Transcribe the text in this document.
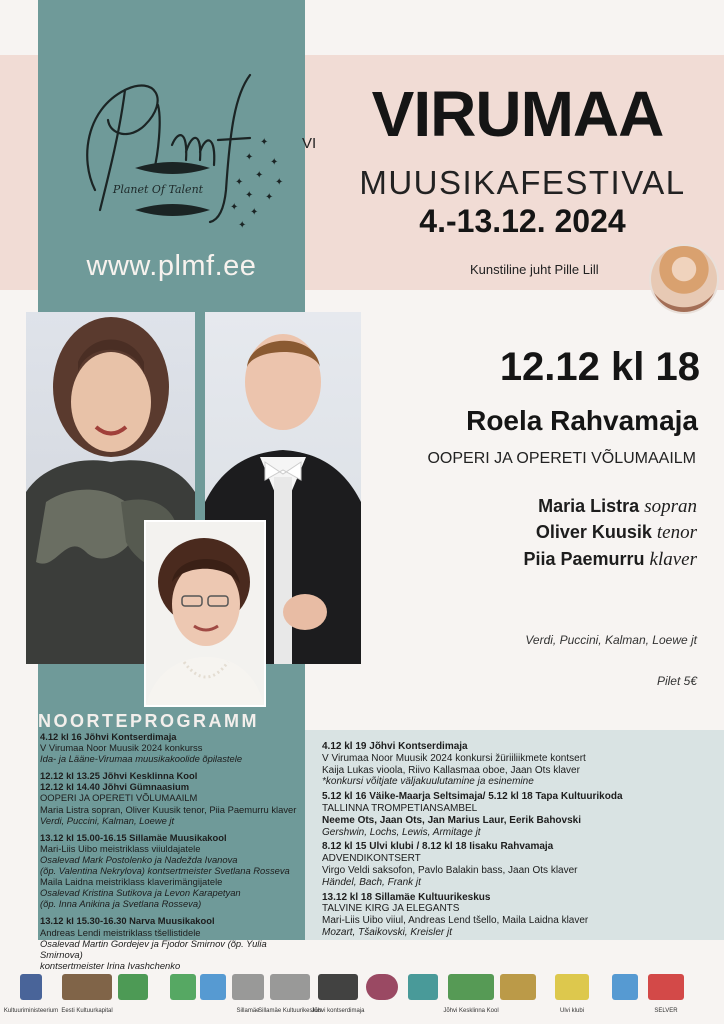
✦
✦ ✦
✦
✦	✦
✦ ✦
✦ ✦
✦
Planet Of Talent
www.plmf.ee
VI VIRUMAA
MUUSIKAFESTIVAL
4.-13.12. 2024
Kunstiline juht Pille Lill
12.12 kl 18
Roela Rahvamaja
OOPERI JA OPERETI VÕLUMAAILM
Maria Listra sopran
Oliver Kuusik tenor
Piia Paemurru klaver
Verdi, Puccini, Kalman, Loewe jt
Pilet 5€
NOORTEPROGRAMM
4.12 kl 16 Jõhvi Kontserdimaja
V Virumaa Noor Muusik 2024 konkurss
Ida- ja Lääne-Virumaa muusikakoolide õpilastele
12.12 kl 13.25 Jõhvi Kesklinna Kool
12.12 kl 14.40 Jõhvi Gümnaasium
OOPERI JA OPERETI VÕLUMAAILM
Maria Listra sopran, Oliver Kuusik tenor, Piia Paemurru klaver
Verdi, Puccini, Kalman, Loewe jt
13.12 kl 15.00-16.15 Sillamäe Muusikakool
Mari-Liis Uibo meistriklass viiuldajatele
Osalevad Mark Postolenko ja Nadežda Ivanova
(õp. Valentina Nekrylova) kontsertmeister Svetlana Rosseva
Maila Laidna meistriklass klaverimängijatele
Osalevad Kristina Sutikova ja Levon Karapetyan
(õp. Inna Anikina ja Svetlana Rosseva)
13.12 kl 15.30-16.30 Narva Muusikakool
Andreas Lendi meistriklass tšellistidele
Osalevad Martin Gordejev ja Fjodor Smirnov (õp. Yulia Smirnova)
kontsertmeister Irina Ivashchenko
4.12 kl 19 Jõhvi Kontserdimaja
V Virumaa Noor Muusik 2024 konkursi žüriiliikmete kontsert
Kaija Lukas vioola, Riivo Kallasmaa oboe, Jaan Ots klaver
*konkursi võitjate väljakuulutamine ja esinemine
5.12 kl 16 Väike-Maarja Seltsimaja/ 5.12 kl 18 Tapa Kultuurikoda
TALLINNA TROMPETIANSAMBEL
Neeme Ots, Jaan Ots, Jan Marius Laur, Eerik Bahovski
Gershwin, Lochs, Lewis, Armitage jt
8.12 kl 15 Ulvi klubi / 8.12 kl 18 Iisaku Rahvamaja
ADVENDIKONTSERT
Virgo Veldi saksofon, Pavlo Balakin bass, Jaan Ots klaver
Händel, Bach, Frank jt
13.12 kl 18 Sillamäe Kultuurikeskus
TALVINE KIRG JA ELEGANTS
Mari-Liis Uibo viiul, Andreas Lend tšello, Maila Laidna klaver
Mozart, Tšaikovski, Kreisler jt
Kultuuriministeerium Eesti Kultuurkapital	Sillamäe
Sillamäe Kultuurikeskus
Jõhvi kontserdimaja	Jõhvi Kesklinna Kool	Ulvi klubi	SELVER
